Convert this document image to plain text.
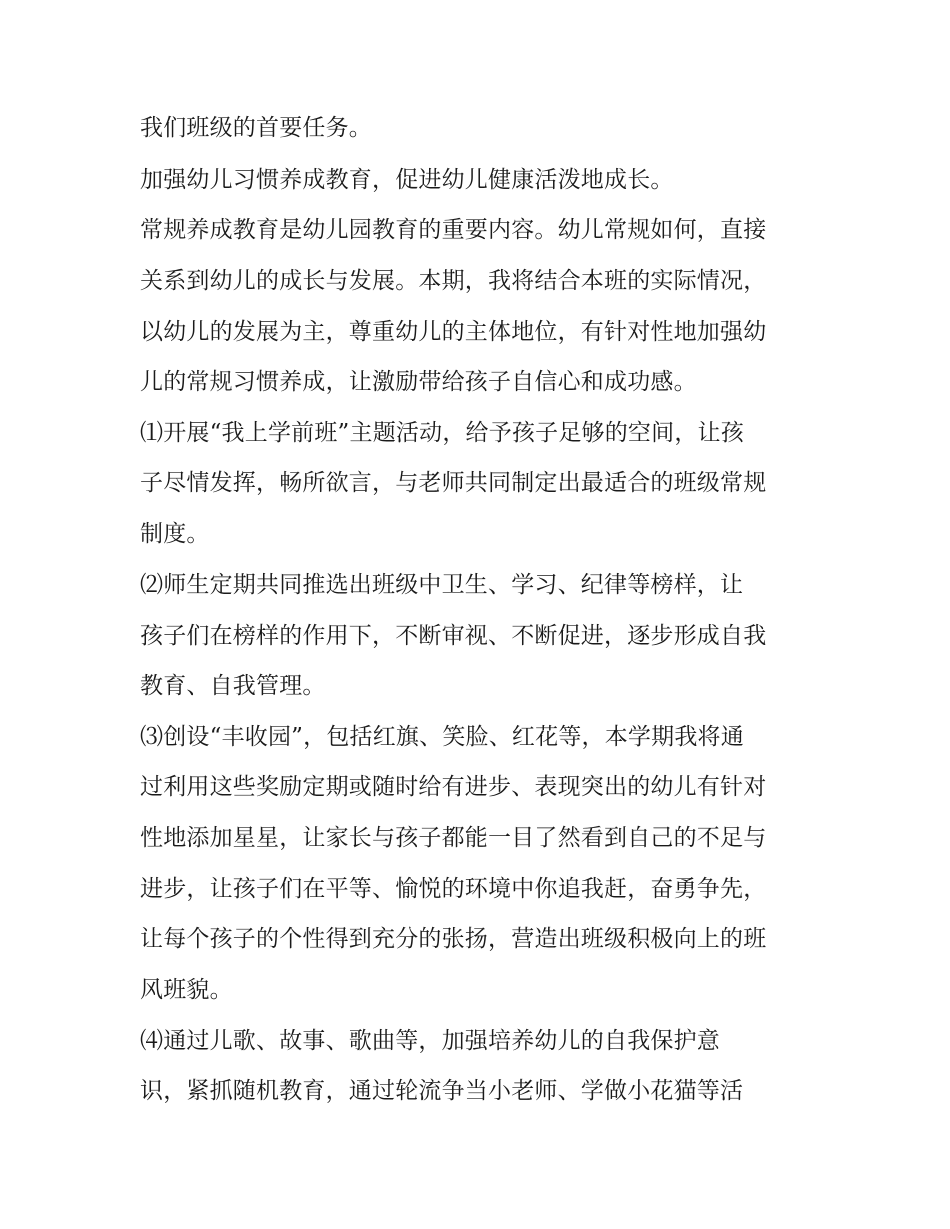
我们班级的首要任务。
加强幼儿习惯养成教育，促进幼儿健康活泼地成长。
常规养成教育是幼儿园教育的重要内容。幼儿常规如何，直接
关系到幼儿的成长与发展。本期，我将结合本班的实际情况，
以幼儿的发展为主，尊重幼儿的主体地位，有针对性地加强幼
儿的常规习惯养成，让激励带给孩子自信心和成功感。
⑴开展“我上学前班”主题活动，给予孩子足够的空间，让孩
子尽情发挥，畅所欲言，与老师共同制定出最适合的班级常规
制度。
⑵师生定期共同推选出班级中卫生、学习、纪律等榜样，让
孩子们在榜样的作用下，不断审视、不断促进，逐步形成自我
教育、自我管理。
⑶创设“丰收园”，包括红旗、笑脸、红花等，本学期我将通
过利用这些奖励定期或随时给有进步、表现突出的幼儿有针对
性地添加星星，让家长与孩子都能一目了然看到自己的不足与
进步，让孩子们在平等、愉悦的环境中你追我赶，奋勇争先，
让每个孩子的个性得到充分的张扬，营造出班级积极向上的班
风班貌。
⑷通过儿歌、故事、歌曲等，加强培养幼儿的自我保护意
识，紧抓随机教育，通过轮流争当小老师、学做小花猫等活
